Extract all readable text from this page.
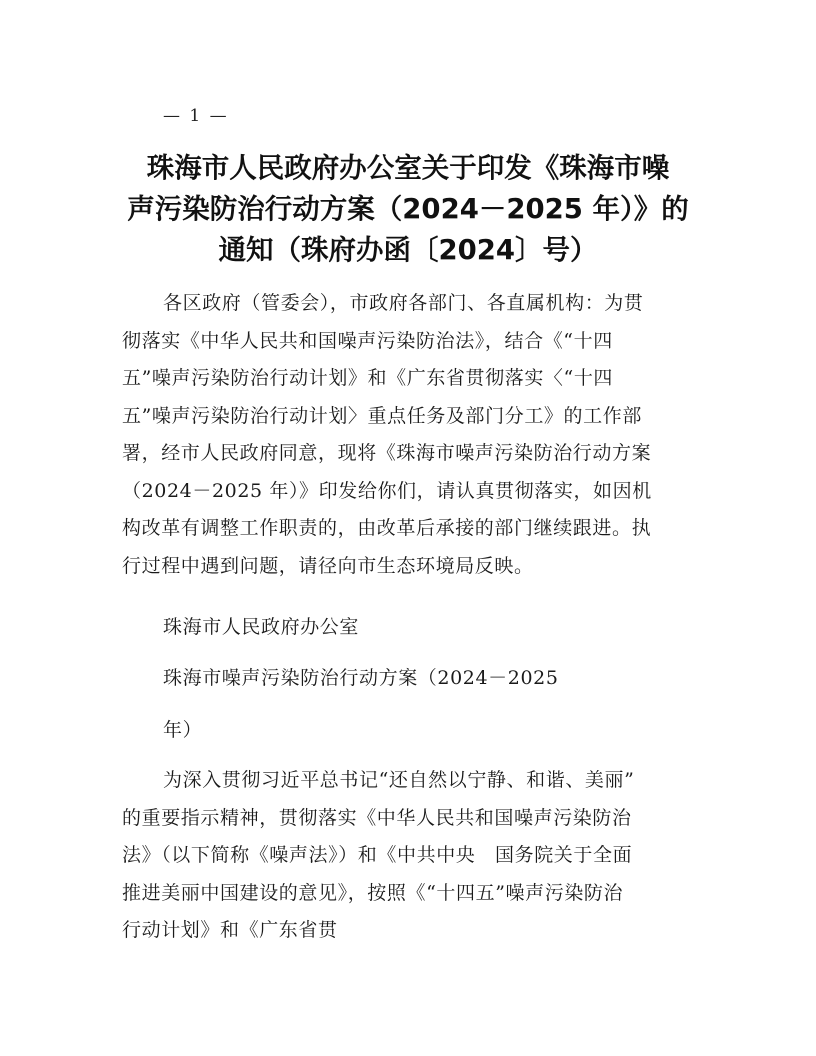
— 1 —
珠海市人民政府办公室关于印发《珠海市噪
声污染防治行动方案（2024－2025 年）》的
通知（珠府办函〔2024〕号）

各区政府（管委会），市政府各部门、各直属机构：为贯
彻落实《中华人民共和国噪声污染防治法》，结合《“十四
五”噪声污染防治行动计划》和《广东省贯彻落实〈“十四
五”噪声污染防治行动计划〉重点任务及部门分工》的工作部
署，经市人民政府同意，现将《珠海市噪声污染防治行动方案
（2024－2025 年）》印发给你们，请认真贯彻落实，如因机
构改革有调整工作职责的，由改革后承接的部门继续跟进。执
行过程中遇到问题，请径向市生态环境局反映。

珠海市人民政府办公室

珠海市噪声污染防治行动方案（2024－2025

年）

为深入贯彻习近平总书记“还自然以宁静、和谐、美丽”
的重要指示精神，贯彻落实《中华人民共和国噪声污染防治
法》（以下简称《噪声法》）和《中共中央　国务院关于全面
推进美丽中国建设的意见》，按照《“十四五”噪声污染防治
行动计划》和《广东省贯
